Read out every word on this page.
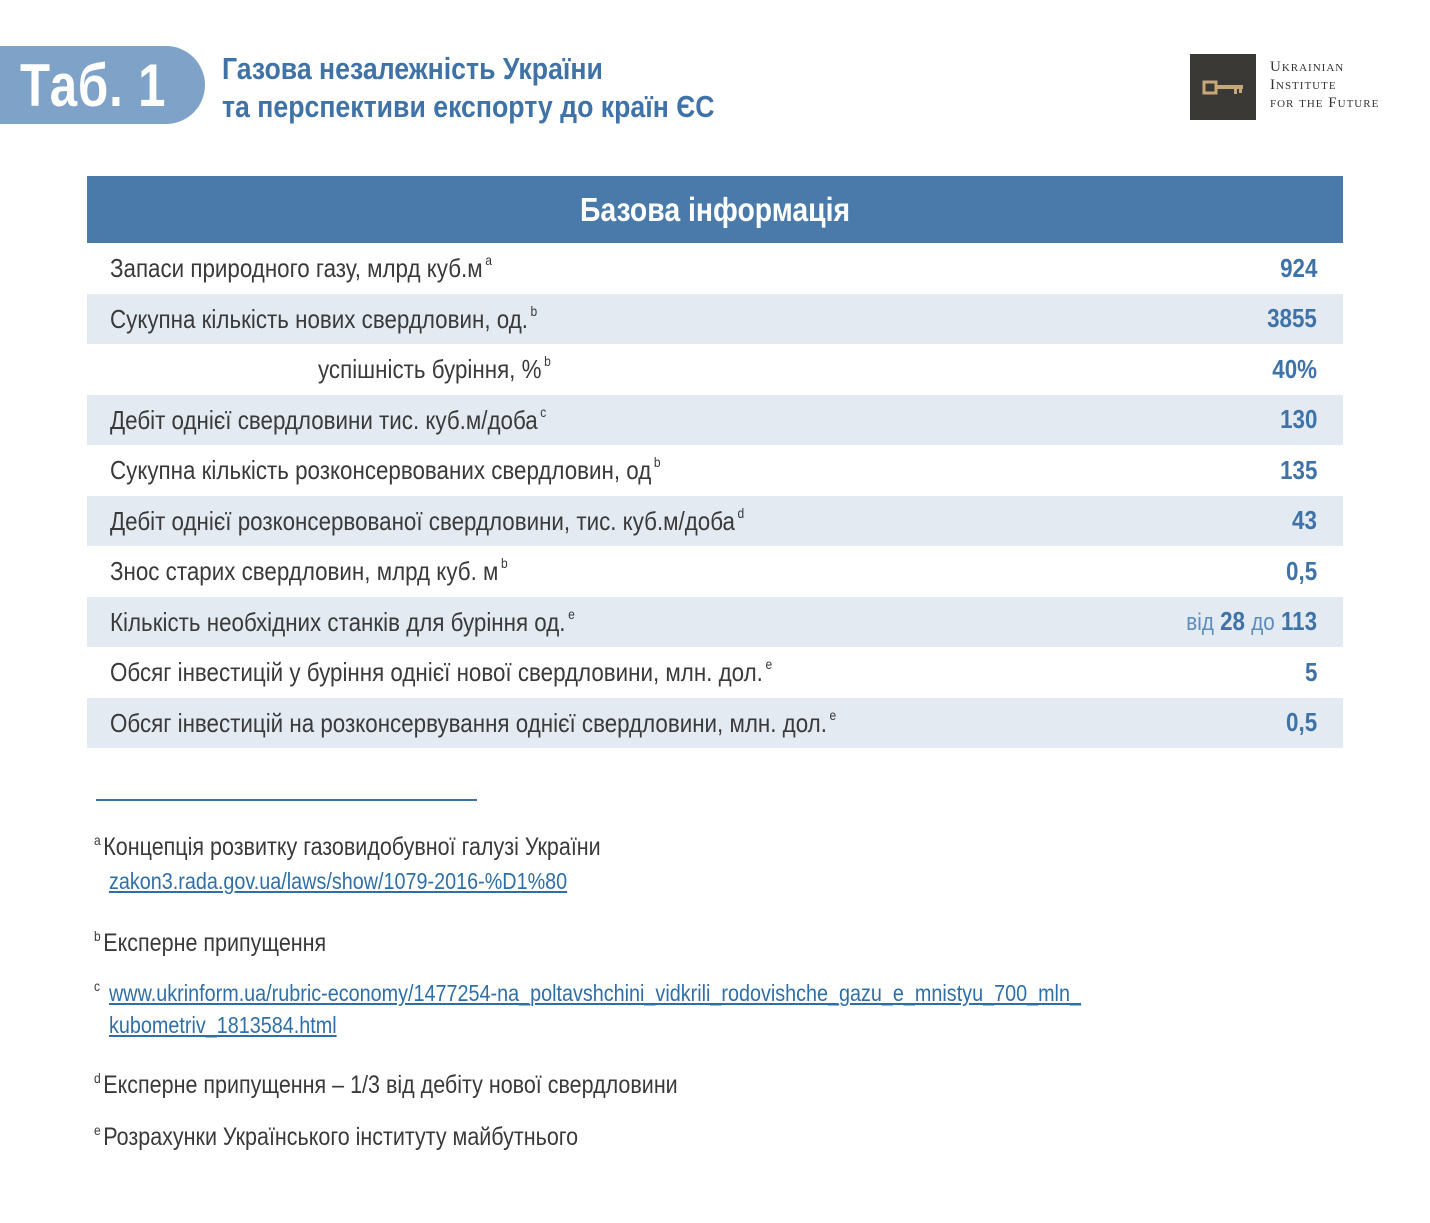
Таб. 1 Газова незалежність України
та перспективи експорту до країн ЄС
Ukrainian
Institute
for the Future
Базова інформація
Запаси природного газу, млрд куб.м $^a$	924
Сукупна кількість нових свердловин, од. $^b$	3855
успішність буріння, % $^b$	40%
Дебіт однієї свердловини тис. куб.м/доба $^c$	130
Сукупна кількість розконсервованих свердловин, од $^b$	135
Дебіт однієї розконсервованої свердловини, тис. куб.м/доба $^d$	43
Знос старих свердловин, млрд куб. м $^b$	0,5
Кількість необхідних станків для буріння од. $^e$	від 28 до 113
Обсяг інвестицій у буріння однієї нової свердловини, млн. дол. $^e$	5
Обсяг інвестицій на розконсервування однієї свердловини, млн. дол. $^e$	0,5
$^a$ Концепція розвитку газовидобувної галузі України
zakon3.rada.gov.ua/laws/show/1079-2016-%D1%80
$^b$ Експерне припущення
$^c$ www.ukrinform.ua/rubric-economy/1477254-na_poltavshchini_vidkrili_rodovishche_gazu_e_mnistyu_700_mln_
kubometriv_1813584.html
$^d$ Експерне припущення – 1/3 від дебіту нової свердловини
$^e$ Розрахунки Українського інституту майбутнього
